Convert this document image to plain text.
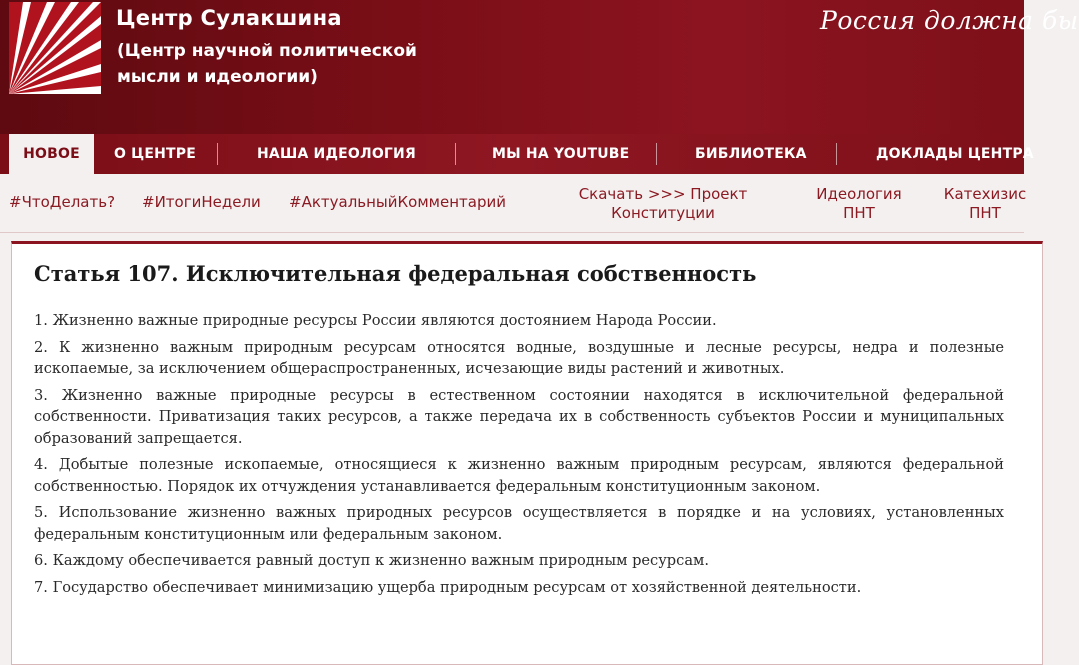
Центр Сулакшина
(Центр научной политической
мысли и идеологии)
Россия должна бы
НОВОЕ	О ЦЕНТРЕ	НАША ИДЕОЛОГИЯ	МЫ НА YOUTUBE	БИБЛИОТЕКА	ДОКЛАДЫ ЦЕНТРА
#ЧтоДелать? #ИтогиНедели #АктуальныйКомментарий	Скачать >>> Проект
Конституции
Идеология
ПНТ
Катехизис
ПНТ
Статья 107. Исключительная федеральная собственность

1. Жизненно важные природные ресурсы России являются достоянием Народа России.

2. К жизненно важным природным ресурсам относятся водные, воздушные и лесные ресурсы, недра и полезные ископаемые, за исключением общераспространенных, исчезающие виды растений и животных.

3. Жизненно важные природные ресурсы в естественном состоянии находятся в исключительной федеральной собственности. Приватизация таких ресурсов, а также передача их в собственность субъектов России и муниципальных образований запрещается.

4. Добытые полезные ископаемые, относящиеся к жизненно важным природным ресурсам, являются федеральной собственностью. Порядок их отчуждения устанавливается федеральным конституционным законом.

5. Использование жизненно важных природных ресурсов осуществляется в порядке и на условиях, установленных федеральным конституционным или федеральным законом.

6. Каждому обеспечивается равный доступ к жизненно важным природным ресурсам.

7. Государство обеспечивает минимизацию ущерба природным ресурсам от хозяйственной деятельности.
